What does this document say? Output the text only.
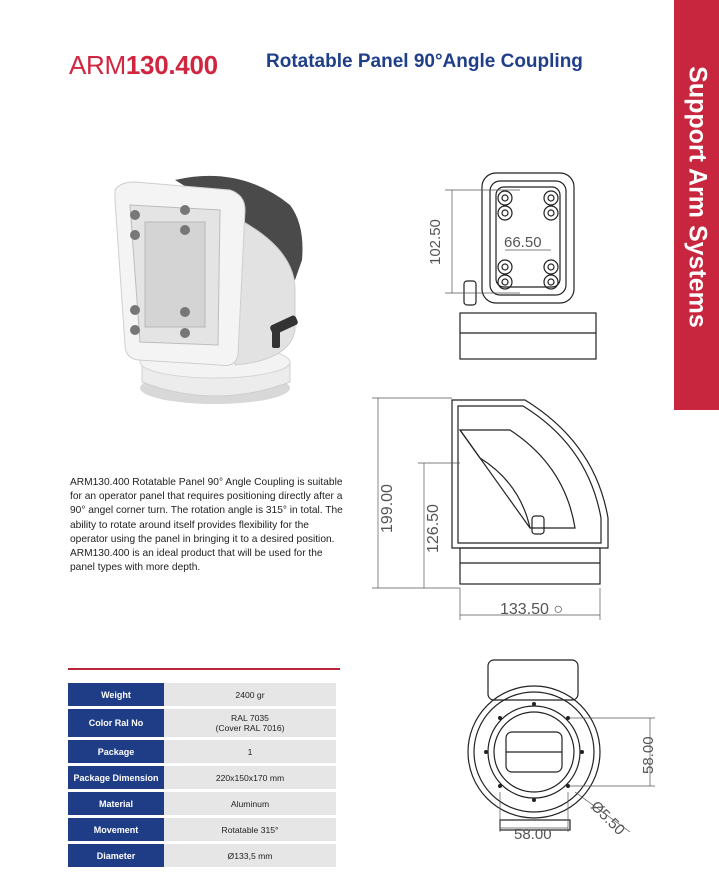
ARM130.400	Rotatable Panel 90°Angle Coupling
Support Arm Systems
102.50	66.50
199.00 126.50
133.50 ○
58.00
58.00 Ø5.50
ARM130.400 Rotatable Panel 90° Angle Coupling is suitable for an operator panel that requires positioning directly after a 90° angel corner turn. The rotation angle is 315° in total. The ability to rotate around itself provides flexibility for the operator using the panel in bringing it to a desired position. ARM130.400 is an ideal product that will be used for the panel types with more depth.
Weight	2400 gr
Color Ral No	RAL 7035
(Cover RAL 7016)

Package	1
Package Dimension	220x150x170 mm
Material	Aluminum
Movement	Rotatable 315°
Diameter	Ø133,5 mm
